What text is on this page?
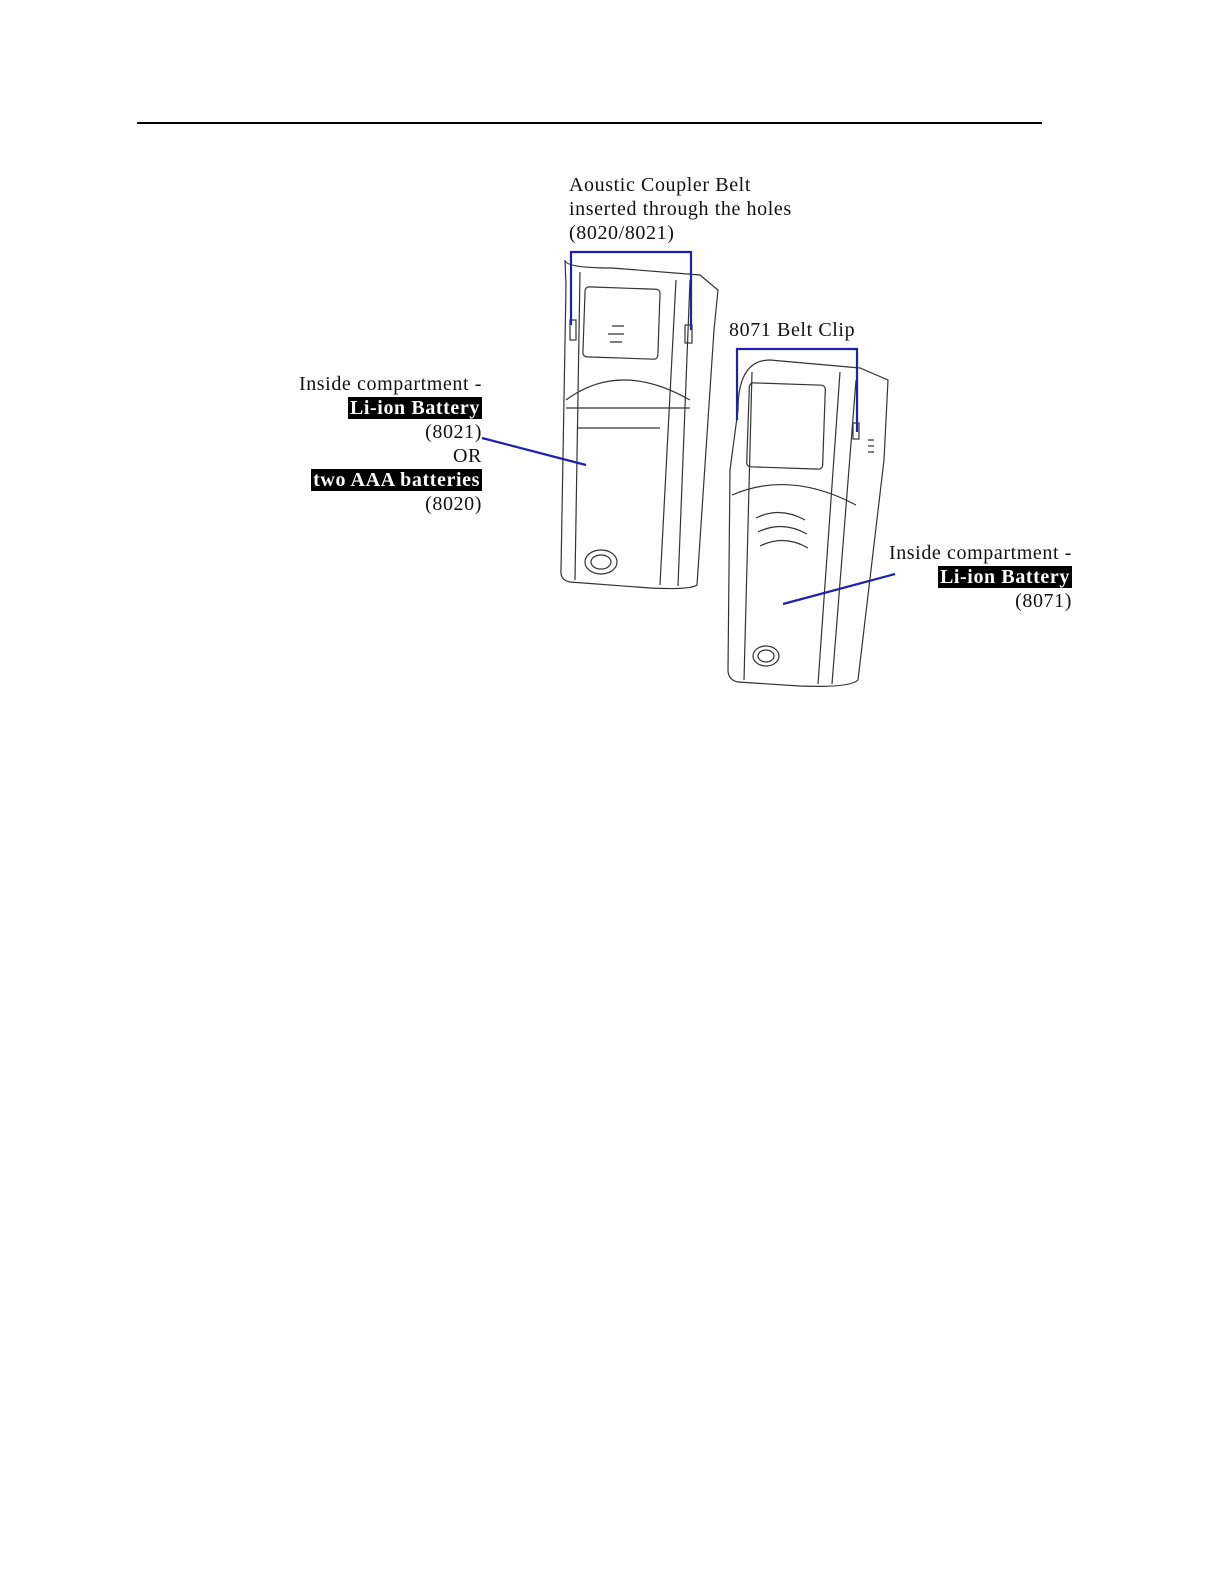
Aoustic Coupler Belt
inserted through the holes
(8020/8021)
8071 Belt Clip
Inside compartment -
Li-ion Battery
(8021)
OR
two AAA batteries
(8020)
Inside compartment -
Li-ion Battery
(8071)
